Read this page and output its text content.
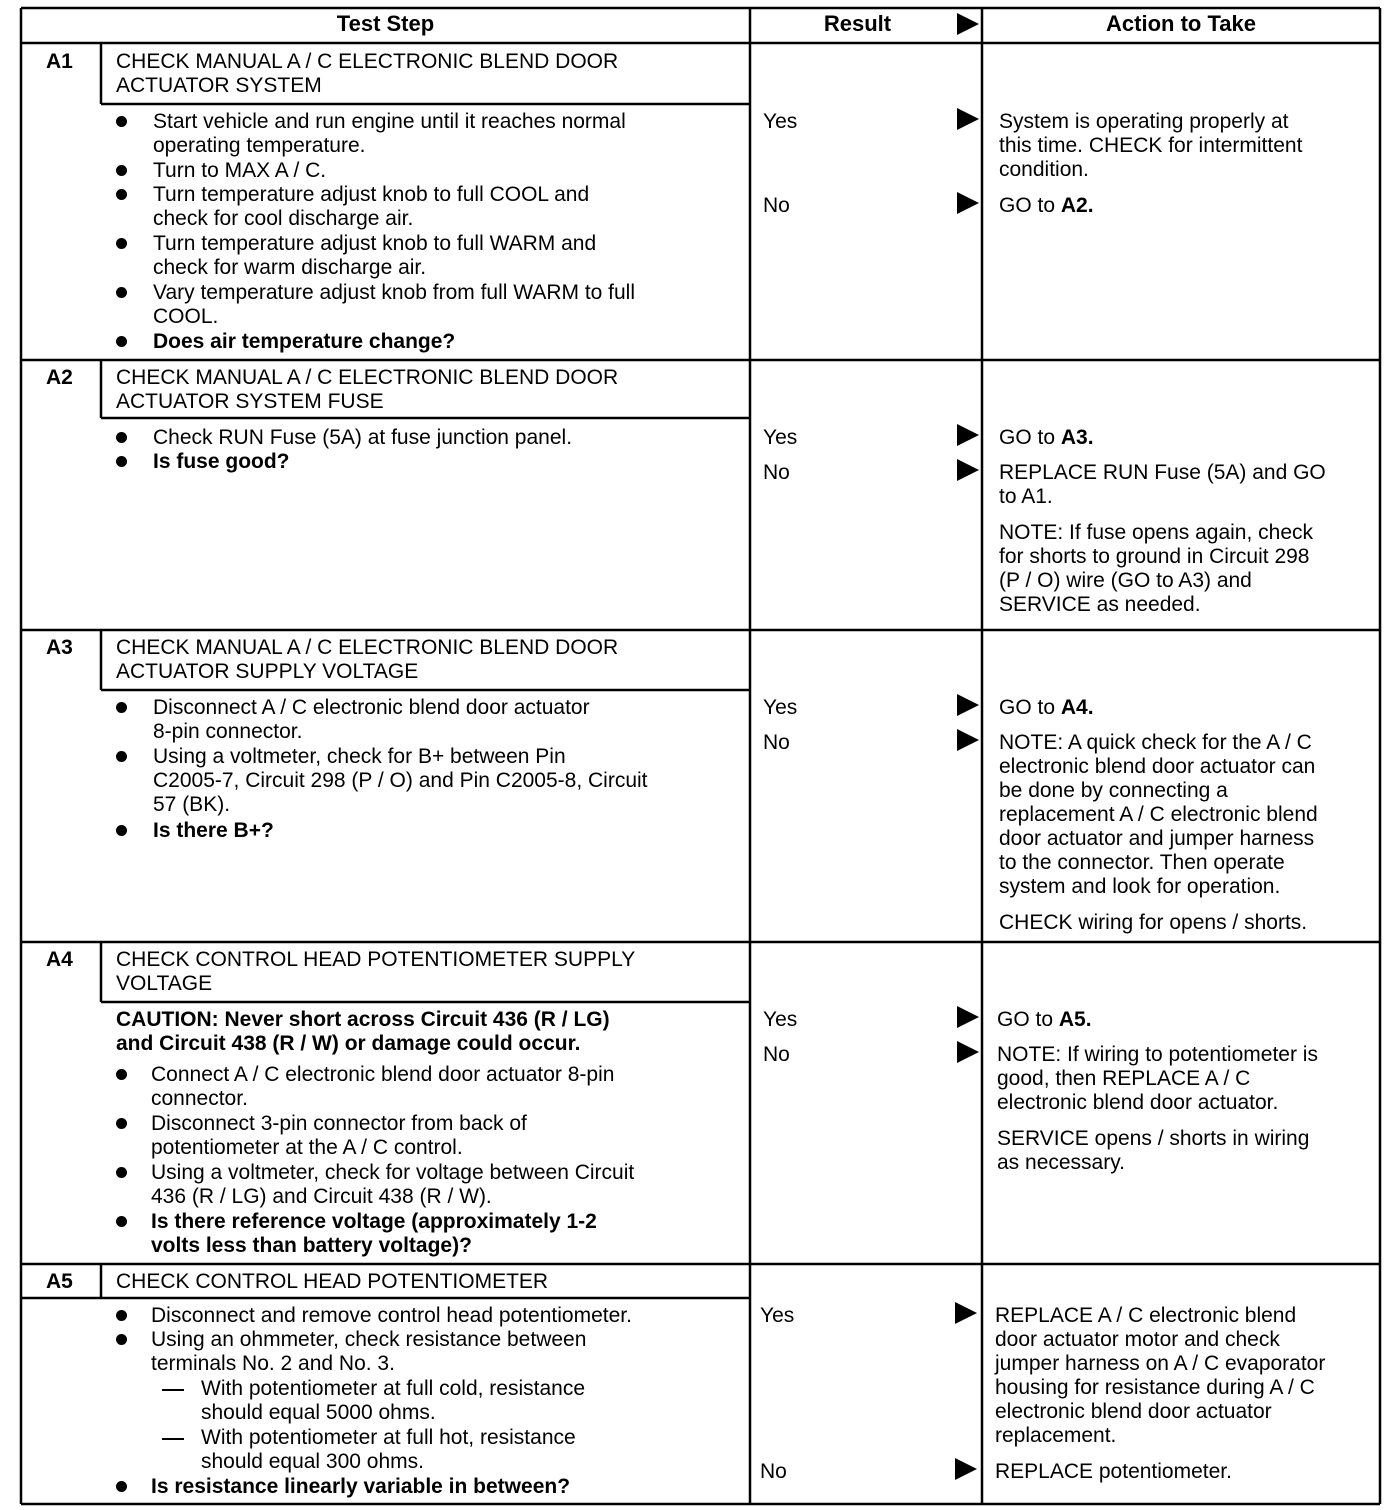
Test Step	Result	Action to Take
A1 CHECK MANUAL A / C ELECTRONIC BLEND DOOR
ACTUATOR SYSTEM
Start vehicle and run engine until it reaches normal
operating temperature.
Turn to MAX A / C.
Turn temperature adjust knob to full COOL and
check for cool discharge air.
Turn temperature adjust knob to full WARM and
check for warm discharge air.
Vary temperature adjust knob from full WARM to full
COOL.
Does air temperature change?
Yes	System is operating properly at
this time. CHECK for intermittent
condition.
No	GO to A2.
A2 CHECK MANUAL A / C ELECTRONIC BLEND DOOR
ACTUATOR SYSTEM FUSE
Check RUN Fuse (5A) at fuse junction panel.
Is fuse good?
Yes	GO to A3.
No	REPLACE RUN Fuse (5A) and GO
to A1.
NOTE: If fuse opens again, check
for shorts to ground in Circuit 298
(P / O) wire (GO to A3) and
SERVICE as needed.
A3 CHECK MANUAL A / C ELECTRONIC BLEND DOOR
ACTUATOR SUPPLY VOLTAGE
Disconnect A / C electronic blend door actuator
8-pin connector.
Using a voltmeter, check for B+ between Pin
C2005-7, Circuit 298 (P / O) and Pin C2005-8, Circuit
57 (BK).
Is there B+?
Yes	GO to A4.
No	NOTE: A quick check for the A / C
electronic blend door actuator can
be done by connecting a
replacement A / C electronic blend
door actuator and jumper harness
to the connector. Then operate
system and look for operation.
CHECK wiring for opens / shorts.
A4 CHECK CONTROL HEAD POTENTIOMETER SUPPLY
VOLTAGE
CAUTION: Never short across Circuit 436 (R / LG)
and Circuit 438 (R / W) or damage could occur.
Connect A / C electronic blend door actuator 8-pin
connector.
Disconnect 3-pin connector from back of
potentiometer at the A / C control.
Using a voltmeter, check for voltage between Circuit
436 (R / LG) and Circuit 438 (R / W).
Is there reference voltage (approximately 1-2
volts less than battery voltage)?
Yes	GO to A5.
No	NOTE: If wiring to potentiometer is
good, then REPLACE A / C
electronic blend door actuator.
SERVICE opens / shorts in wiring
as necessary.
A5 CHECK CONTROL HEAD POTENTIOMETER
Disconnect and remove control head potentiometer.
Using an ohmmeter, check resistance between
terminals No. 2 and No. 3.
With potentiometer at full cold, resistance
should equal 5000 ohms.
With potentiometer at full hot, resistance
should equal 300 ohms.
Is resistance linearly variable in between?
Yes	REPLACE A / C electronic blend
door actuator motor and check
jumper harness on A / C evaporator
housing for resistance during A / C
electronic blend door actuator
replacement.
No	REPLACE potentiometer.
